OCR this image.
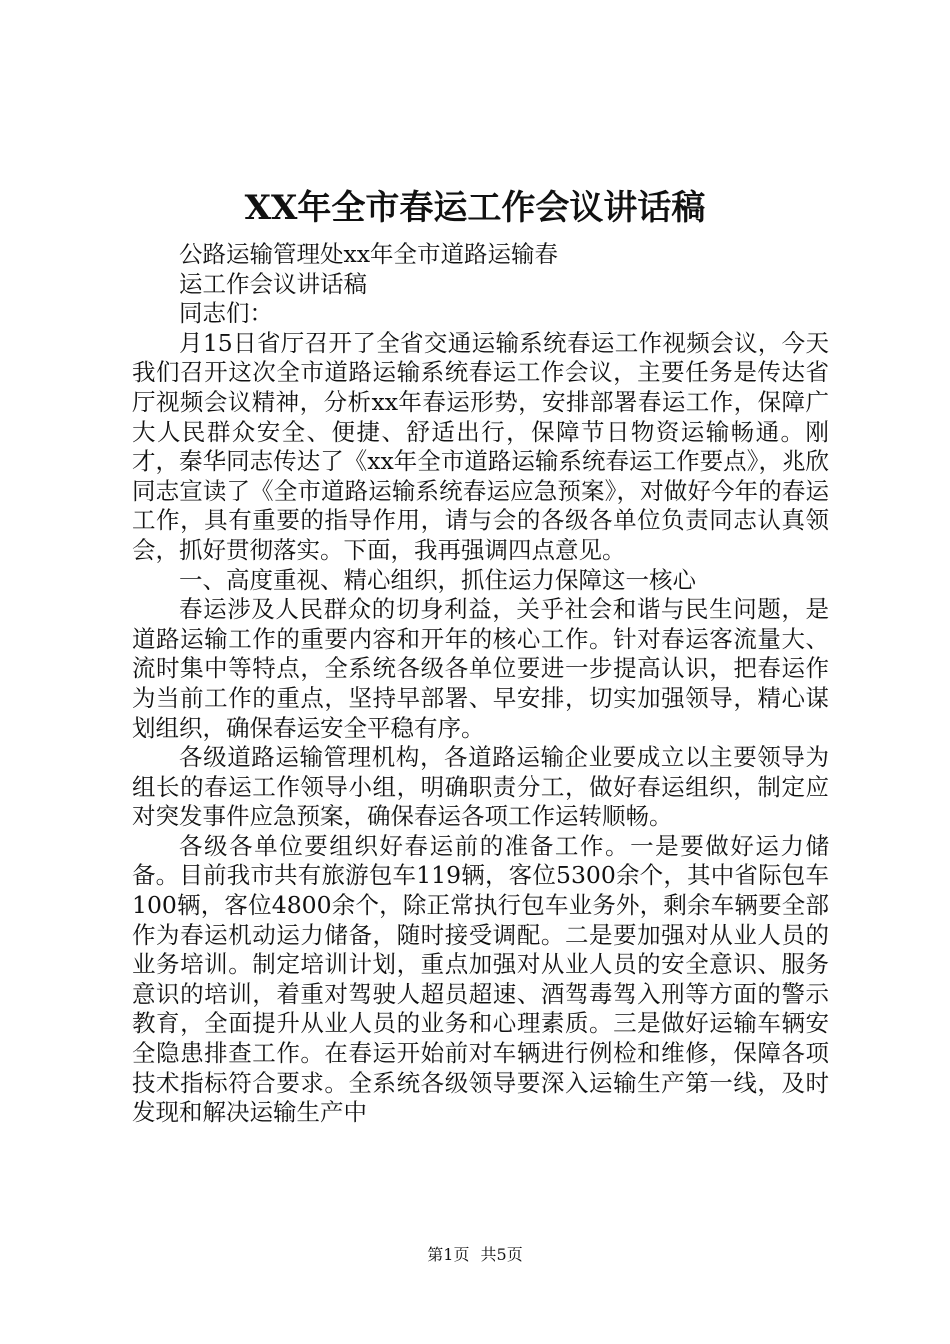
XX年全市春运工作会议讲话稿

公路运输管理处xx年全市道路运输春

运工作会议讲话稿

同志们：

月15日省厅召开了全省交通运输系统春运工作视频会议，今天我们召开这次全市道路运输系统春运工作会议，主要任务是传达省厅视频会议精神，分析xx年春运形势，安排部署春运工作，保障广大人民群众安全、便捷、舒适出行，保障节日物资运输畅通。刚才，秦华同志传达了《xx年全市道路运输系统春运工作要点》，兆欣同志宣读了《全市道路运输系统春运应急预案》，对做好今年的春运工作，具有重要的指导作用，请与会的各级各单位负责同志认真领会，抓好贯彻落实。下面，我再强调四点意见。

一、高度重视、精心组织，抓住运力保障这一核心

春运涉及人民群众的切身利益，关乎社会和谐与民生问题，是道路运输工作的重要内容和开年的核心工作。针对春运客流量大、流时集中等特点，全系统各级各单位要进一步提高认识，把春运作为当前工作的重点，坚持早部署、早安排，切实加强领导，精心谋划组织，确保春运安全平稳有序。

各级道路运输管理机构，各道路运输企业要成立以主要领导为组长的春运工作领导小组，明确职责分工，做好春运组织，制定应对突发事件应急预案，确保春运各项工作运转顺畅。

各级各单位要组织好春运前的准备工作。一是要做好运力储备。目前我市共有旅游包车119辆，客位5300余个，其中省际包车100辆，客位4800余个，除正常执行包车业务外，剩余车辆要全部作为春运机动运力储备，随时接受调配。二是要加强对从业人员的业务培训。制定培训计划，重点加强对从业人员的安全意识、服务意识的培训，着重对驾驶人超员超速、酒驾毒驾入刑等方面的警示教育，全面提升从业人员的业务和心理素质。三是做好运输车辆安全隐患排查工作。在春运开始前对车辆进行例检和维修，保障各项技术指标符合要求。全系统各级领导要深入运输生产第一线，及时发现和解决运输生产中

第1页 共5页
